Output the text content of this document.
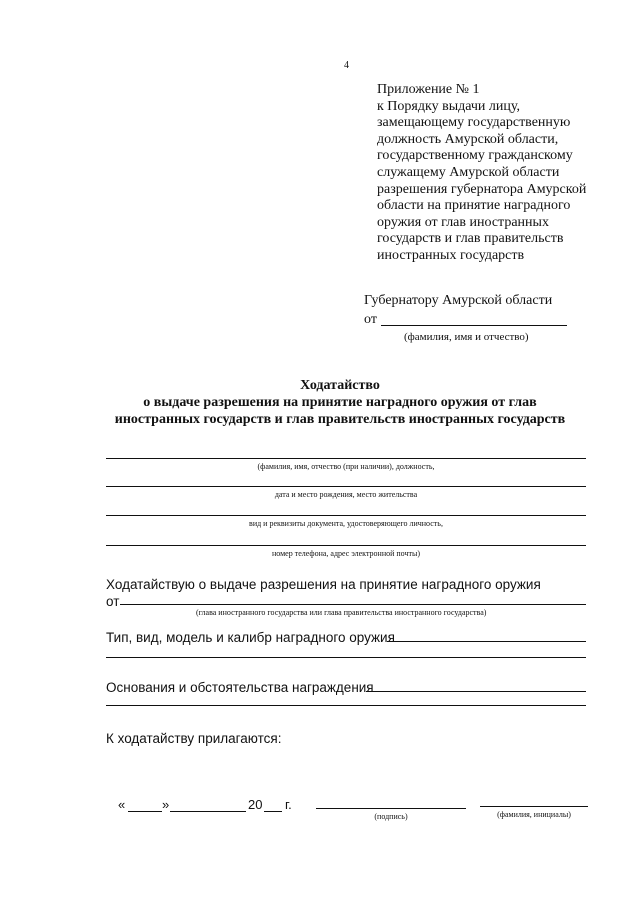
4
Приложение № 1
к Порядку выдачи лицу,
замещающему государственную
должность Амурской области,
государственному гражданскому
служащему Амурской области
разрешения губернатора Амурской
области на принятие наградного
оружия от глав иностранных
государств и глав правительств
иностранных государств
Губернатору Амурской области
от
(фамилия, имя и отчество)
Ходатайство
о выдаче разрешения на принятие наградного оружия от глав
иностранных государств и глав правительств иностранных государств
(фамилия, имя, отчество (при наличии), должность,
дата и место рождения, место жительства
вид и реквизиты документа, удостоверяющего личность,
номер телефона, адрес электронной почты)
Ходатайствую о выдаче разрешения на принятие наградного оружия
от
(глава иностранного государства или глава правительства иностранного государства)
Тип, вид, модель и калибр наградного оружия
Основания и обстоятельства награждения
К ходатайству прилагаются:
«	»	20 г.
(подпись)	(фамилия, инициалы)
